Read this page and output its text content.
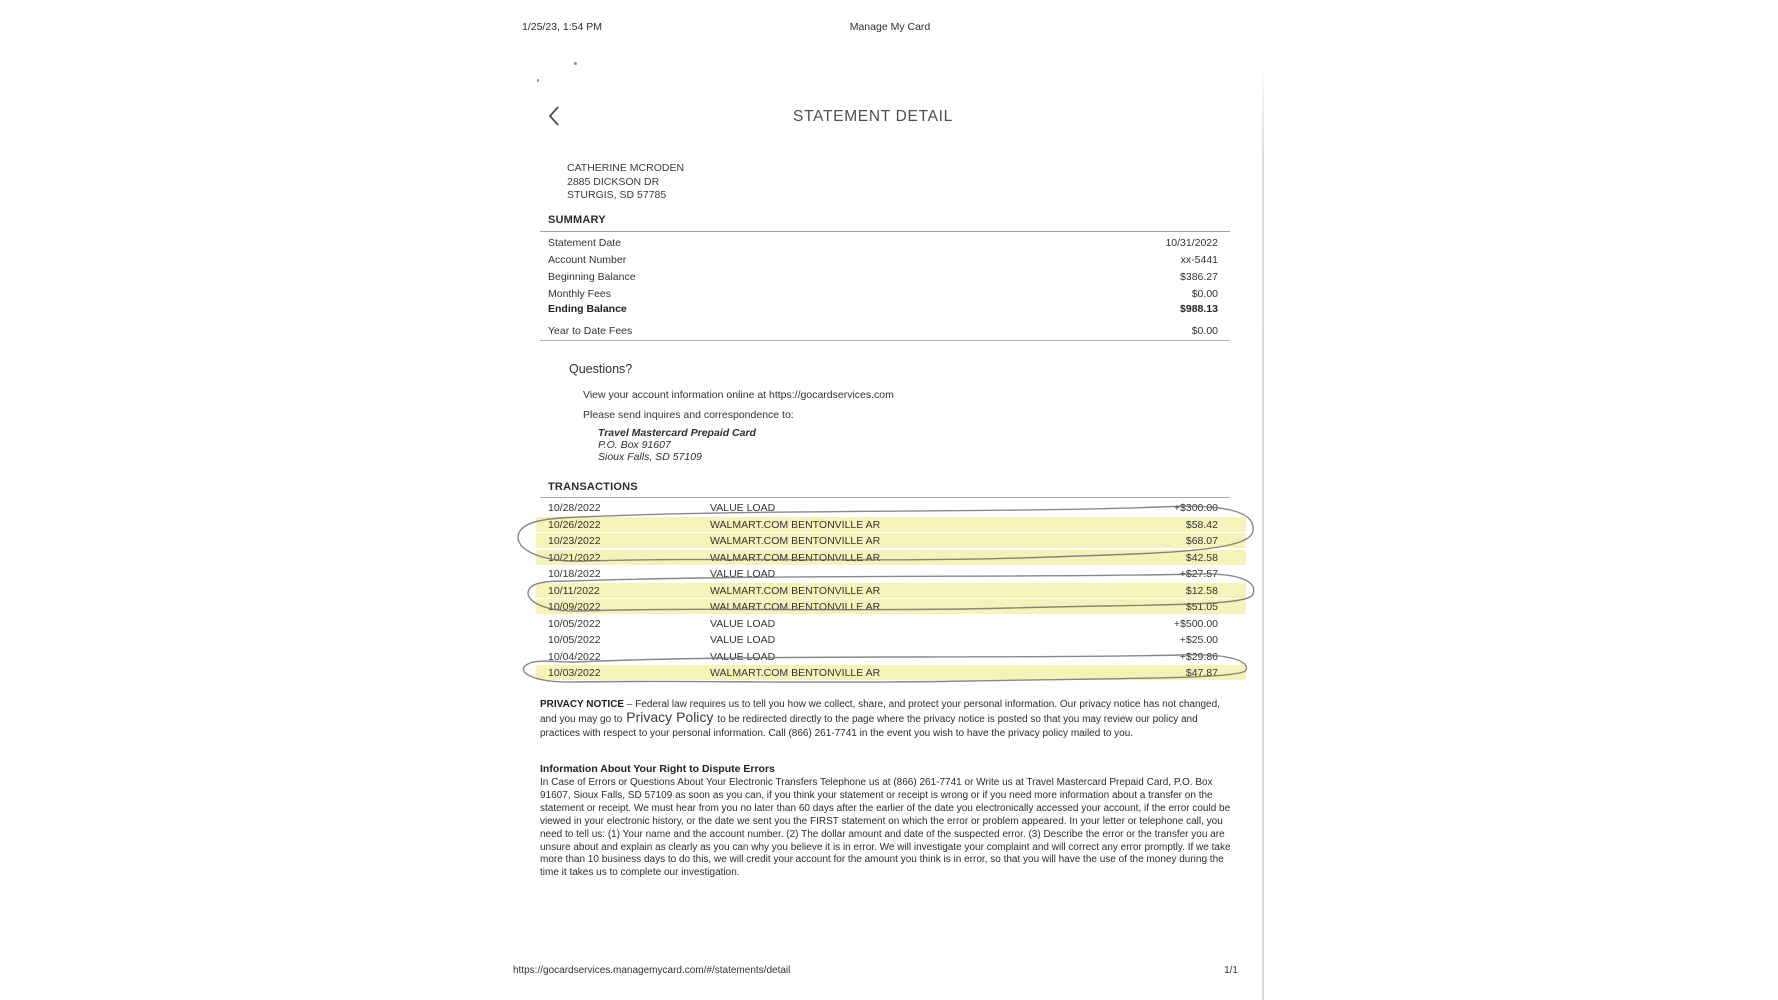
1/25/23, 1:54 PM	Manage My Card
STATEMENT DETAIL
CATHERINE MCRODEN
2885 DICKSON DR
STURGIS, SD 57785
SUMMARY
Statement Date	10/31/2022
Account Number	xx-5441
Beginning Balance	$386.27
Monthly Fees	$0.00
Ending Balance	$988.13
Year to Date Fees	$0.00
Questions?
View your account information online at https://gocardservices.com
Please send inquires and correspondence to:
Travel Mastercard Prepaid Card
P.O. Box 91607
Sioux Falls, SD 57109
TRANSACTIONS
10/28/2022	VALUE LOAD	+$300.00
10/26/2022	WALMART.COM BENTONVILLE AR	$58.42
10/23/2022	WALMART.COM BENTONVILLE AR	$68.07
10/21/2022	WALMART.COM BENTONVILLE AR	$42.58
10/18/2022	VALUE LOAD	+$27.57
10/11/2022	WALMART.COM BENTONVILLE AR	$12.58
10/09/2022	WALMART.COM BENTONVILLE AR	$51.05
10/05/2022	VALUE LOAD	+$500.00
10/05/2022	VALUE LOAD	+$25.00
10/04/2022	VALUE LOAD	+$29.86
10/03/2022	WALMART.COM BENTONVILLE AR	$47.87

PRIVACY NOTICE – Federal law requires us to tell you how we collect, share, and protect your personal information. Our privacy notice has not changed, and you may go to Privacy Policy to be redirected directly to the page where the privacy notice is posted so that you may review our policy and practices with respect to your personal information. Call (866) 261-7741 in the event you wish to have the privacy policy mailed to you.

Information About Your Right to Dispute Errors

In Case of Errors or Questions About Your Electronic Transfers Telephone us at (866) 261-7741 or Write us at Travel Mastercard Prepaid Card, P.O. Box 91607, Sioux Falls, SD 57109 as soon as you can, if you think your statement or receipt is wrong or if you need more information about a transfer on the statement or receipt. We must hear from you no later than 60 days after the earlier of the date you electronically accessed your account, if the error could be viewed in your electronic history, or the date we sent you the FIRST statement on which the error or problem appeared. In your letter or telephone call, you need to tell us: (1) Your name and the account number. (2) The dollar amount and date of the suspected error. (3) Describe the error or the transfer you are unsure about and explain as clearly as you can why you believe it is in error. We will investigate your complaint and will correct any error promptly. If we take more than 10 business days to do this, we will credit your account for the amount you think is in error, so that you will have the use of the money during the time it takes us to complete our investigation.

https://gocardservices.managemycard.com/#/statements/detail	1/1
